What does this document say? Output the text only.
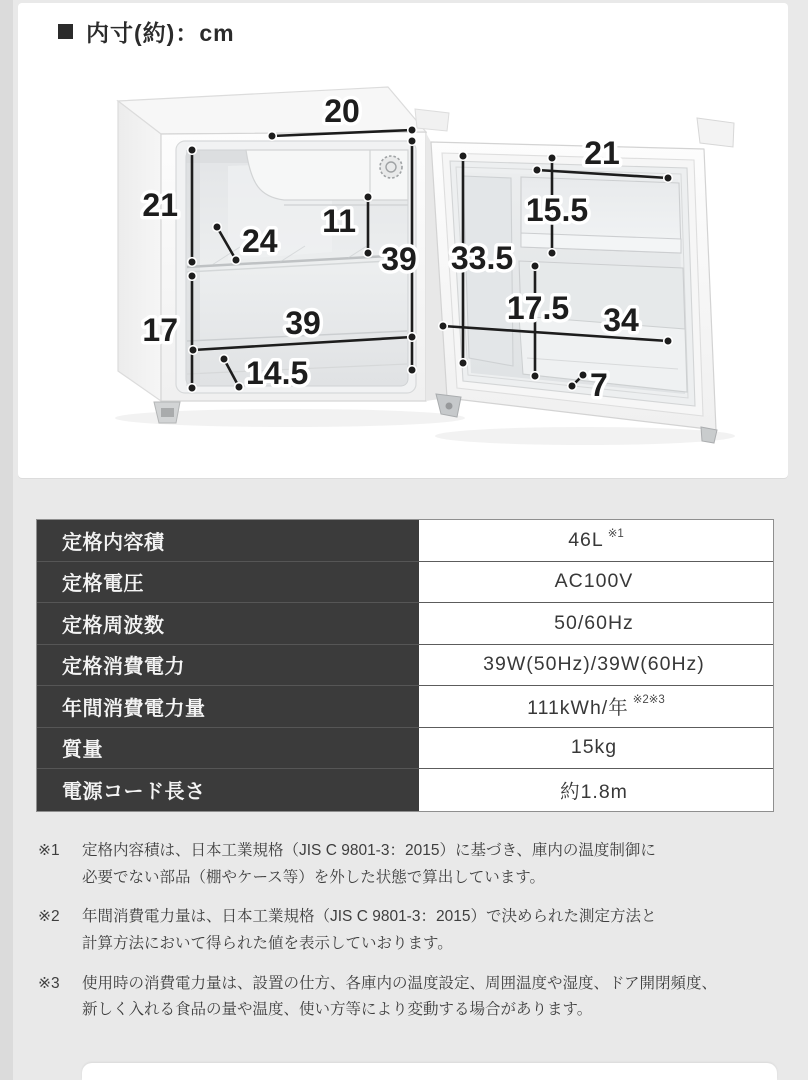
内寸(約)：cm
20
21
24
11
39
17	39
14.5
33.5
21
15.5
17.5 34
7
定格内容積	46L ※1
定格電圧	AC100V
定格周波数	50/60Hz
定格消費電力	39W(50Hz)/39W(60Hz)
年間消費電力量	111kWh/年 ※2※3
質量	15kg
電源コード長さ	約1.8m
※1	定格内容積は、日本工業規格（JIS C 9801-3：2015）に基づき、庫内の温度制御に
必要でない部品（棚やケース等）を外した状態で算出しています。
※2	年間消費電力量は、日本工業規格（JIS C 9801-3：2015）で決められた測定方法と
計算方法において得られた値を表示していおります。
※3	使用時の消費電力量は、設置の仕方、各庫内の温度設定、周囲温度や湿度、ドア開閉頻度、
新しく入れる食品の量や温度、使い方等により変動する場合があります。
